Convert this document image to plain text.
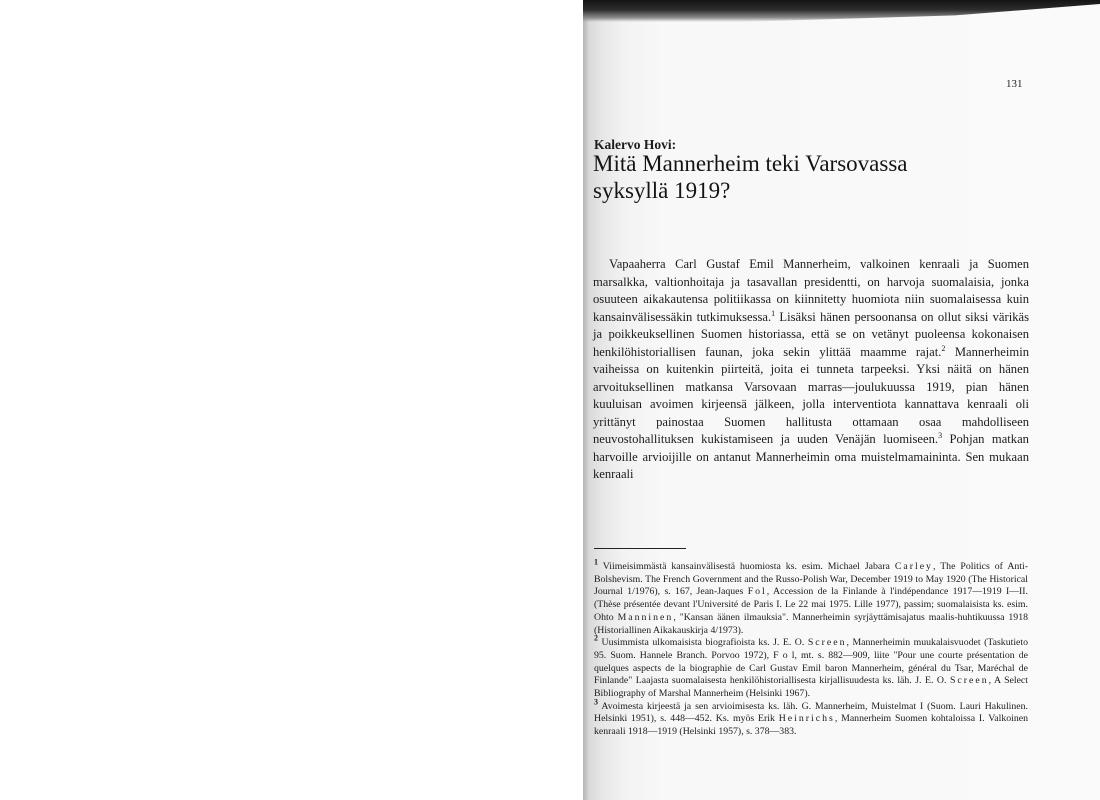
131
Kalervo Hovi:
Mitä Mannerheim teki Varsovassa
syksyllä 1919?

Vapaaherra Carl Gustaf Emil Mannerheim, valkoinen kenraali ja Suomen marsalkka, valtionhoitaja ja tasavallan presidentti, on harvoja suomalaisia, jonka osuuteen aikakautensa politiikassa on kiinnitetty huomiota niin suomalaisessa kuin kansainvälisessäkin tutkimuksessa.$^1$ Lisäksi hänen persoonansa on ollut siksi värikäs ja poikkeuksellinen Suomen historiassa, että se on vetänyt puoleensa kokonaisen henkilöhistoriallisen faunan, joka sekin ylittää maamme rajat.$^2$ Mannerheimin vaiheissa on kuitenkin piirteitä, joita ei tunneta tarpeeksi. Yksi näitä on hänen arvoituksellinen matkansa Varsovaan marras—joulukuussa 1919, pian hänen kuuluisan avoimen kirjeensä jälkeen, jolla interventiota kannattava kenraali oli yrittänyt painostaa Suomen hallitusta ottamaan osaa mahdolliseen neuvostohallituksen kukistamiseen ja uuden Venäjän luomiseen.$^3$ Pohjan matkan harvoille arvioijille on antanut Mannerheimin oma muistelmamaininta. Sen mukaan kenraali

$^1$ Viimeisimmästä kansainvälisestä huomiosta ks. esim. Michael Jabara Carley, The Politics of Anti-Bolshevism. The French Government and the Russo-Polish War, December 1919 to May 1920 (The Historical Journal 1/1976), s. 167, Jean-Jaques Fol, Accession de la Finlande à l'indépendance 1917—1919 I—II. (Thèse présentée devant l'Université de Paris I. Le 22 mai 1975. Lille 1977), passim; suomalaisista ks. esim. Ohto Manninen, "Kansan äänen ilmauksia". Mannerheimin syrjäyttämisajatus maalis-huhtikuussa 1918 (Historiallinen Aikakauskirja 4/1973).

$^2$ Uusimmista ulkomaisista biografioista ks. J. E. O. Screen, Mannerheimin muukalaisvuodet (Taskutieto 95. Suom. Hannele Branch. Porvoo 1972), F o l, mt. s. 882—909, liite "Pour une courte présentation de quelques aspects de la biographie de Carl Gustav Emil baron Mannerheim, général du Tsar, Maréchal de Finlande" Laajasta suomalaisesta henkilöhistoriallisesta kirjallisuudesta ks. läh. J. E. O. Screen, A Select Bibliography of Marshal Mannerheim (Helsinki 1967).

$^3$ Avoimesta kirjeestä ja sen arvioimisesta ks. läh. G. Mannerheim, Muistelmat I (Suom. Lauri Hakulinen. Helsinki 1951), s. 448—452. Ks. myös Erik Heinrichs, Mannerheim Suomen kohtaloissa I. Valkoinen kenraali 1918—1919 (Helsinki 1957), s. 378—383.
